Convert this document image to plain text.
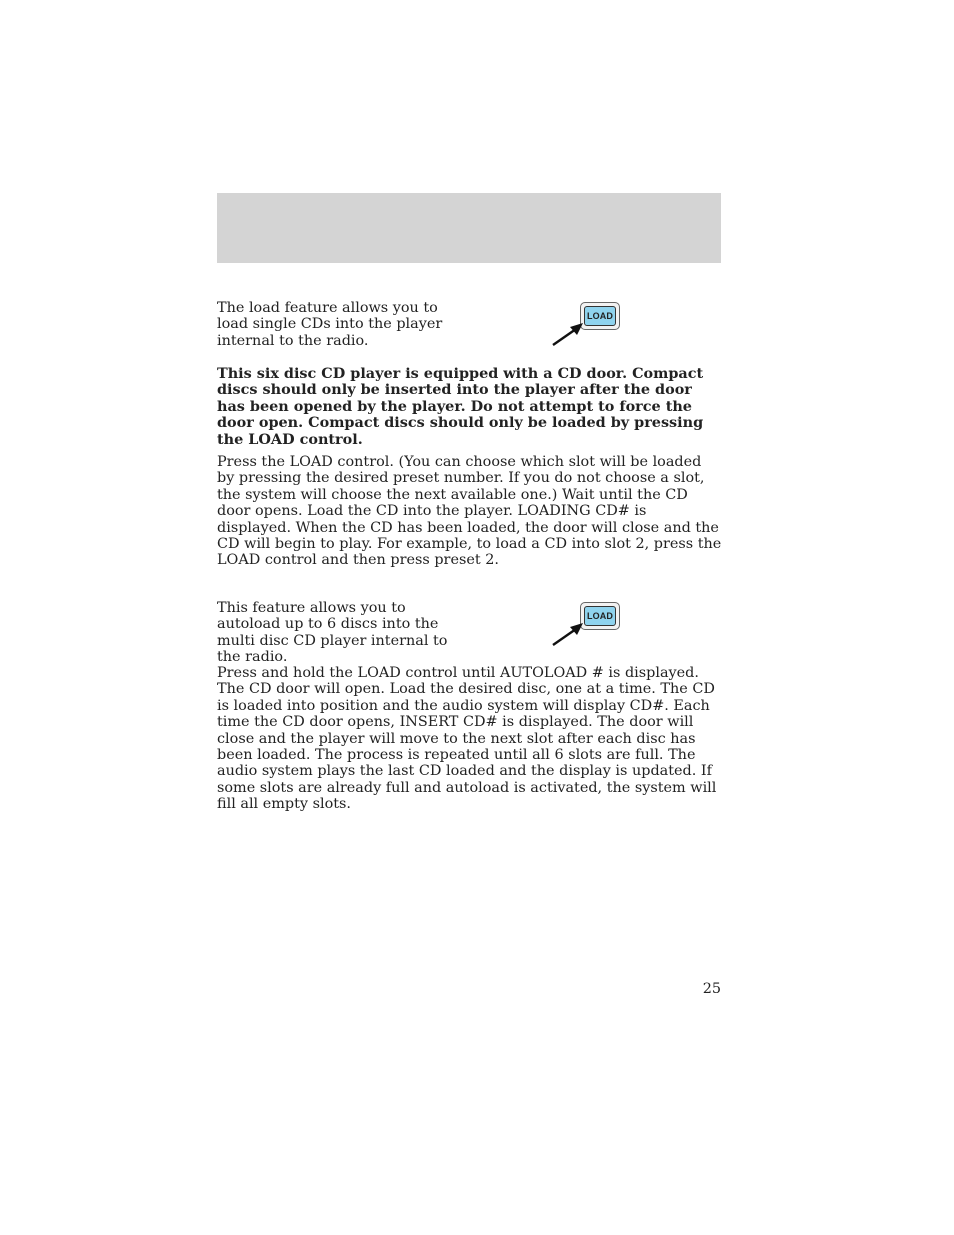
The load feature allows you to load single CDs into the player internal to the radio.

LOAD

This six disc CD player is equipped with a CD door. Compact discs should only be inserted into the player after the door has been opened by the player. Do not attempt to force the door open. Compact discs should only be loaded by pressing the LOAD control.

Press the LOAD control. (You can choose which slot will be loaded by pressing the desired preset number. If you do not choose a slot, the system will choose the next available one.) Wait until the CD door opens. Load the CD into the player. LOADING CD# is displayed. When the CD has been loaded, the door will close and the CD will begin to play. For example, to load a CD into slot 2, press the LOAD control and then press preset 2.

This feature allows you to autoload up to 6 discs into the multi disc CD player internal to the radio.

LOAD

Press and hold the LOAD control until AUTOLOAD # is displayed. The CD door will open. Load the desired disc, one at a time. The CD is loaded into position and the audio system will display CD#. Each time the CD door opens, INSERT CD# is displayed. The door will close and the player will move to the next slot after each disc has been loaded. The process is repeated until all 6 slots are full. The audio system plays the last CD loaded and the display is updated. If some slots are already full and autoload is activated, the system will fill all empty slots.

25
